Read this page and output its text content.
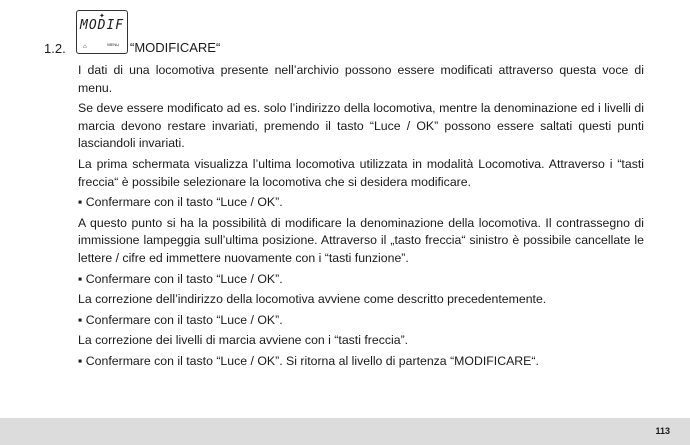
1.2.
✦
MODIF
⌂	MENU “MODIFICARE“

I dati di una locomotiva presente nell’archivio possono essere modificati attraverso questa voce di menu.

Se deve essere modificato ad es. solo l’indirizzo della locomotiva, mentre la denominazione ed i livelli di marcia devono restare invariati, premendo il tasto “Luce / OK” possono essere saltati questi punti lasciandoli invariati.

La prima schermata visualizza l’ultima locomotiva utilizzata in modalità Locomotiva. Attraverso i “tasti freccia“ è possibile selezionare la locomotiva che si desidera modificare.

▪ Confermare con il tasto “Luce / OK”.

A questo punto si ha la possibilità di modificare la denominazione della locomotiva. Il contrassegno di immissione lampeggia sull’ultima posizione. Attraverso il „tasto freccia“ sinistro è possibile cancellate le lettere / cifre ed immettere nuovamente con i “tasti funzione”.

▪ Confermare con il tasto “Luce / OK”.

La correzione dell’indirizzo della locomotiva avviene come descritto precedentemente.

▪ Confermare con il tasto “Luce / OK”.

La correzione dei livelli di marcia avviene con i “tasti freccia”.

▪ Confermare con il tasto “Luce / OK”. Si ritorna al livello di partenza “MODIFICARE“.

113
